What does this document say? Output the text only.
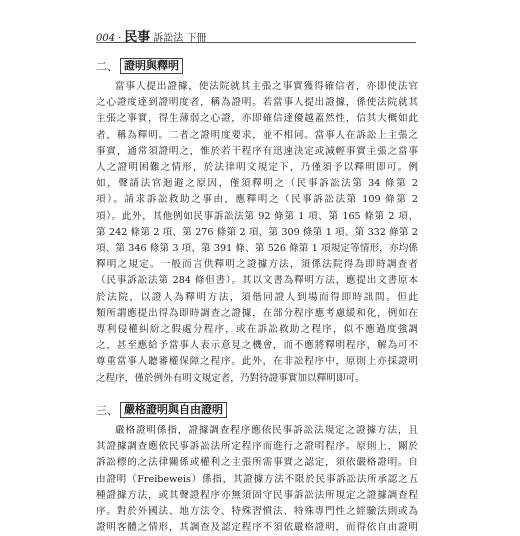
004 · 民事 訴訟法 下冊
二、 證明與釋明
當事人提出證據，使法院就其主張之事實獲得確信者，亦即使法官
之心證度達到證明度者，稱為證明。若當事人提出證據，係使法院就其
主張之事實，得生薄弱之心證，亦即確信達優越蓋然性，信其大概如此
者，稱為釋明。二者之證明度要求，並不相同。當事人在訴訟上主張之
事實，通常須證明之，惟於若干程序有迅速決定或減輕事實主張之當事
人之證明困難之情形，於法律明文規定下，乃僅須予以釋明即可。例
如，聲請法官迴避之原因，僅須釋明之（民事訴訟法第 34 條第 2
項）。請求訴訟救助之事由，應釋明之（民事訴訟法第 109 條第 2
項）。此外，其他例如民事訴訟法第 92 條第 1 項、第 165 條第 2 項、
第 242 條第 2 項、第 276 條第 2 項、第 309 條第 1 項、第 332 條第 2
項、第 346 條第 3 項、第 391 條、第 526 條第 1 項規定等情形，亦均係
釋明之規定。一般而言供釋明之證據方法，須係法院得為即時調查者
（民事訴訟法第 284 條但書）。其以文書為釋明方法，應提出文書原本
於法院，以證人為釋明方法，須偕同證人到場而得即時訊問。但此
類所謂應提出得為即時調查之證據，在部分程序應考慮緩和化，例如在
專利侵權糾紛之假處分程序，或在訴訟救助之程序，似不應過度強調
之，甚至應給予當事人表示意見之機會，而不應將釋明程序，解為可不
尊重當事人聽審權保障之程序。此外，在非訟程序中，原則上亦採證明
之程序，僅於例外有明文規定者，乃對待證事實加以釋明即可。
三、 嚴格證明與自由證明
嚴格證明係指，證據調查程序應依民事訴訟法規定之證據方法，且
其證據調查應依民事訴訟法所定程序而進行之證明程序。原則上，關於
訴訟標的之法律關係或權利之主張所需事實之認定，須依嚴格證明。自
由證明（Freibeweis）係指，其證據方法不限於民事訴訟法所承認之五
種證據方法，或其聲證程序亦無須固守民事訴訟法所規定之證據調查程
序。對於外國法、地方法令、特殊習慣法、特殊專門性之經驗法則或為
證明客體之情形，其調查及認定程序不須依嚴格證明，而得依自由證明
